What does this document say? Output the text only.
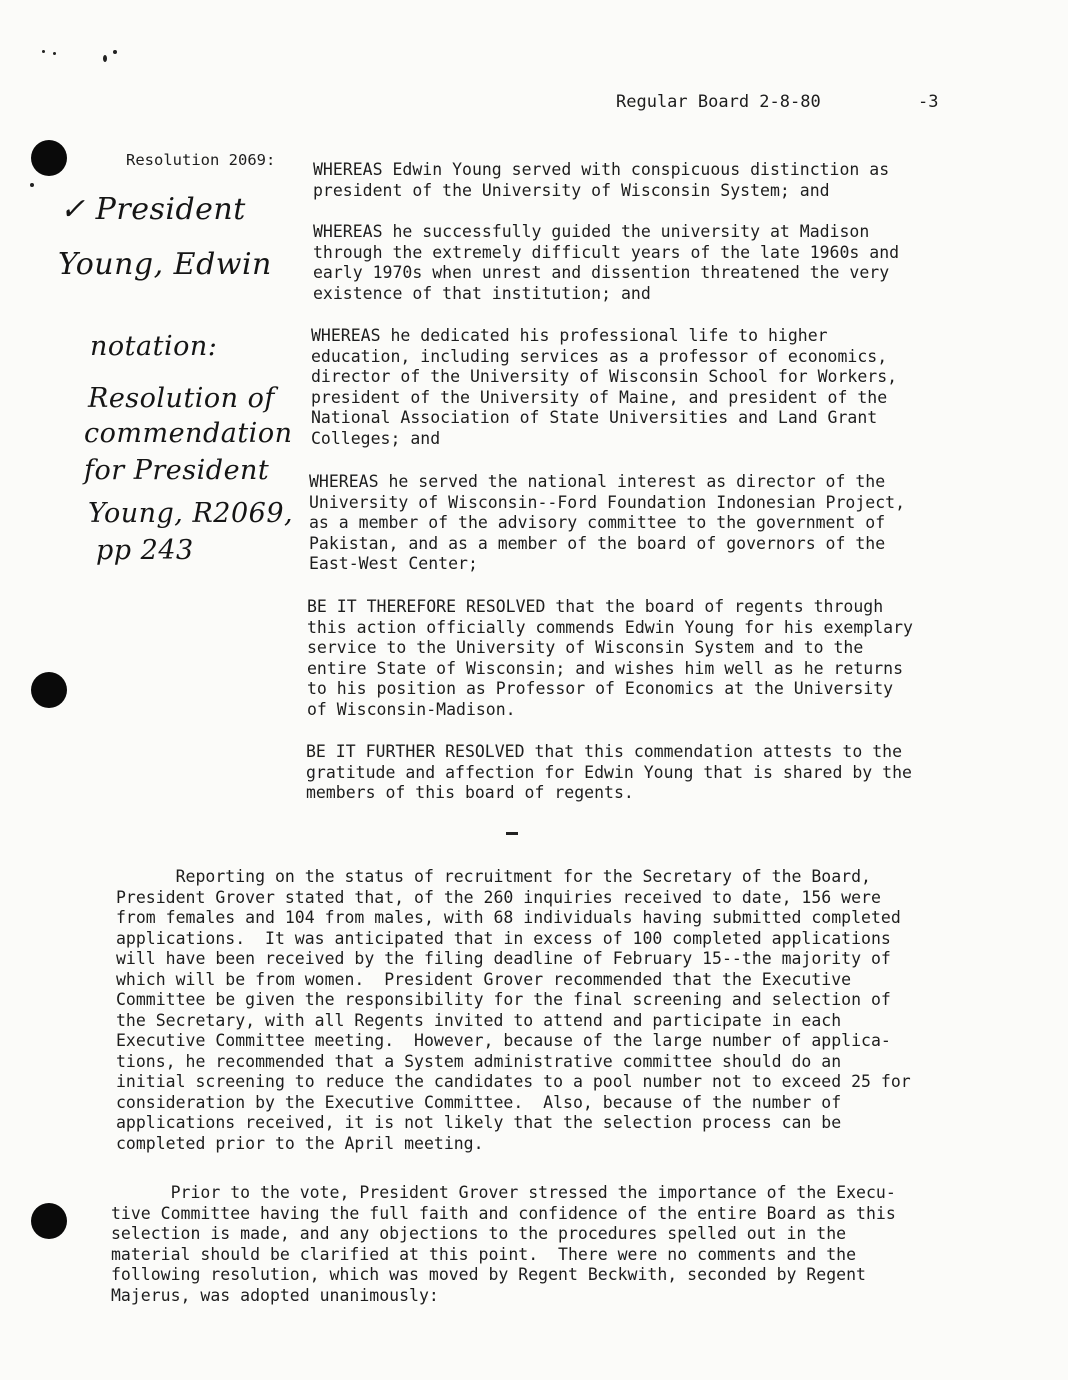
Regular Board 2-8-80	-3
Resolution 2069: WHEREAS Edwin Young served with conspicuous distinction as
president of the University of Wisconsin System; and
WHEREAS he successfully guided the university at Madison
through the extremely difficult years of the late 1960s and
early 1970s when unrest and dissention threatened the very
existence of that institution; and
WHEREAS he dedicated his professional life to higher
education, including services as a professor of economics,
director of the University of Wisconsin School for Workers,
president of the University of Maine, and president of the
National Association of State Universities and Land Grant
Colleges; and
WHEREAS he served the national interest as director of the
University of Wisconsin--Ford Foundation Indonesian Project,
as a member of the advisory committee to the government of
Pakistan, and as a member of the board of governors of the
East-West Center;
BE IT THEREFORE RESOLVED that the board of regents through
this action officially commends Edwin Young for his exemplary
service to the University of Wisconsin System and to the
entire State of Wisconsin; and wishes him well as he returns
to his position as Professor of Economics at the University
of Wisconsin-Madison.
BE IT FURTHER RESOLVED that this commendation attests to the
gratitude and affection for Edwin Young that is shared by the
members of this board of regents.
Reporting on the status of recruitment for the Secretary of the Board,
President Grover stated that, of the 260 inquiries received to date, 156 were
from females and 104 from males, with 68 individuals having submitted completed
applications.  It was anticipated that in excess of 100 completed applications
will have been received by the filing deadline of February 15--the majority of
which will be from women.  President Grover recommended that the Executive
Committee be given the responsibility for the final screening and selection of
the Secretary, with all Regents invited to attend and participate in each
Executive Committee meeting.  However, because of the large number of applica-
tions, he recommended that a System administrative committee should do an
initial screening to reduce the candidates to a pool number not to exceed 25 for
consideration by the Executive Committee.  Also, because of the number of
applications received, it is not likely that the selection process can be
completed prior to the April meeting.
Prior to the vote, President Grover stressed the importance of the Execu-
tive Committee having the full faith and confidence of the entire Board as this
selection is made, and any objections to the procedures spelled out in the
material should be clarified at this point.  There were no comments and the
following resolution, which was moved by Regent Beckwith, seconded by Regent
Majerus, was adopted unanimously:
✓ President
Young, Edwin
notation:
Resolution of
commendation
for President
Young, R2069,
pp 243
